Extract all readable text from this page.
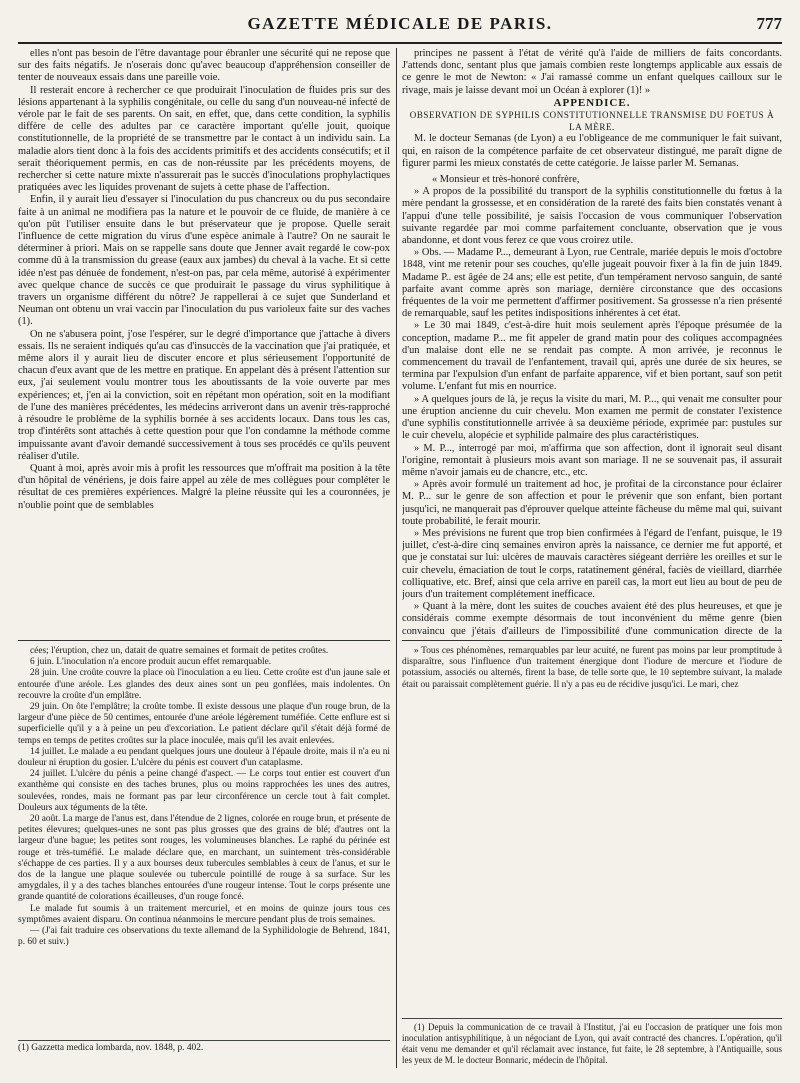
GAZETTE MÉDICALE DE PARIS.	777

elles n'ont pas besoin de l'être davantage pour ébranler une sécurité qui ne repose que sur des faits négatifs. Je n'oserais donc qu'avec beaucoup d'appréhension conseiller de tenter de nouveaux essais dans une pareille voie.

Il resterait encore à rechercher ce que produirait l'inoculation de fluides pris sur des lésions appartenant à la syphilis congénitale, ou celle du sang d'un nouveau-né infecté de vérole par le fait de ses parents. On sait, en effet, que, dans cette condition, la syphilis diffère de celle des adultes par ce caractère important qu'elle jouit, quoique constitutionnelle, de la propriété de se transmettre par le contact à un individu sain. La maladie alors tient donc à la fois des accidents primitifs et des accidents consécutifs; et il serait théoriquement permis, en cas de non-réussite par les précédents moyens, de rechercher si cette nature mixte n'assurerait pas le succès d'inoculations prophylactiques pratiquées avec les liquides provenant de sujets à cette phase de l'affection.

Enfin, il y aurait lieu d'essayer si l'inoculation du pus chancreux ou du pus secondaire faite à un animal ne modifiera pas la nature et le pouvoir de ce fluide, de manière à ce qu'on pût l'utiliser ensuite dans le but préservateur que je propose. Quelle serait l'influence de cette migration du virus d'une espèce animale à l'autre? On ne saurait le déterminer à priori. Mais on se rappelle sans doute que Jenner avait regardé le cow-pox comme dû à la transmission du grease (eaux aux jambes) du cheval à la vache. Et si cette idée n'est pas dénuée de fondement, n'est-on pas, par cela même, autorisé à expérimenter avec quelque chance de succès ce que produirait le passage du virus syphilitique à travers un organisme différent du nôtre? Je rappellerai à ce sujet que Sunderland et Neuman ont obtenu un vrai vaccin par l'inoculation du pus varioleux faite sur des vaches (1).

On ne s'abusera point, j'ose l'espérer, sur le degré d'importance que j'attache à divers essais. Ils ne seraient indiqués qu'au cas d'insuccès de la vaccination que j'ai pratiquée, et même alors il y aurait lieu de discuter encore et plus sérieusement l'opportunité de chacun d'eux avant que de les mettre en pratique. En appelant dès à présent l'attention sur eux, j'ai seulement voulu montrer tous les aboutissants de la voie ouverte par mes expériences; et, j'en ai la conviction, soit en répétant mon opération, soit en la modifiant de l'une des manières précédentes, les médecins arriveront dans un avenir très-rapproché à résoudre le problème de la syphilis bornée à ses accidents locaux. Dans tous les cas, trop d'intérêts sont attachés à cette question pour que l'on condamne la méthode comme impuissante avant d'avoir demandé successivement à tous ses procédés ce qu'ils peuvent réaliser d'utile.

Quant à moi, après avoir mis à profit les ressources que m'offrait ma position à la tête d'un hôpital de vénériens, je dois faire appel au zèle de mes collègues pour compléter le résultat de ces premières expériences. Malgré la pleine réussite qui les a couronnées, je n'oublie point que de semblables

principes ne passent à l'état de vérité qu'à l'aide de milliers de faits concordants. J'attends donc, sentant plus que jamais combien reste longtemps applicable aux essais de ce genre le mot de Newton: « J'ai ramassé comme un enfant quelques cailloux sur le rivage, mais je laisse devant moi un Océan à explorer (1)! »

APPENDICE.

OBSERVATION DE SYPHILIS CONSTITUTIONNELLE TRANSMISE DU FOETUS À LA MÈRE.

M. le docteur Semanas (de Lyon) a eu l'obligeance de me communiquer le fait suivant, qui, en raison de la compétence parfaite de cet observateur distingué, me paraît digne de figurer parmi les mieux constatés de cette catégorie. Je laisse parler M. Semanas.

« Monsieur et très-honoré confrère,

» A propos de la possibilité du transport de la syphilis constitutionnelle du fœtus à la mère pendant la grossesse, et en considération de la rareté des faits bien constatés venant à l'appui d'une telle possibilité, je saisis l'occasion de vous communiquer l'observation suivante regardée par moi comme parfaitement concluante, observation que je vous abandonne, et dont vous ferez ce que vous croirez utile.

» Obs. — Madame P..., demeurant à Lyon, rue Centrale, mariée depuis le mois d'octobre 1848, vint me retenir pour ses couches, qu'elle jugeait pouvoir fixer à la fin de juin 1849. Madame P.. est âgée de 24 ans; elle est petite, d'un tempérament nervoso sanguin, de santé parfaite avant comme après son mariage, dernière circonstance que des occasions fréquentes de la voir me permettent d'affirmer positivement. Sa grossesse n'a rien présenté de remarquable, sauf les petites indispositions inhérentes à cet état.

» Le 30 mai 1849, c'est-à-dire huit mois seulement après l'époque présumée de la conception, madame P... me fit appeler de grand matin pour des coliques accompagnées d'un malaise dont elle ne se rendait pas compte. A mon arrivée, je reconnus le commencement du travail de l'enfantement, travail qui, après une durée de six heures, se termina par l'expulsion d'un enfant de parfaite apparence, vif et bien portant, sauf son petit volume. L'enfant fut mis en nourrice.

» A quelques jours de là, je reçus la visite du mari, M. P..., qui venait me consulter pour une éruption ancienne du cuir chevelu. Mon examen me permit de constater l'existence d'une syphilis constitutionnelle arrivée à sa deuxième période, exprimée par: pustules sur le cuir chevelu, alopécie et syphilide palmaire des plus caractéristiques.

» M. P..., interrogé par moi, m'affirma que son affection, dont il ignorait seul disant l'origine, remontait à plusieurs mois avant son mariage. Il ne se souvenait pas, il assurait même n'avoir jamais eu de chancre, etc., etc.

» Après avoir formulé un traitement ad hoc, je profitai de la circonstance pour éclairer M. P... sur le genre de son affection et pour le prévenir que son enfant, bien portant jusqu'ici, ne manquerait pas d'éprouver quelque atteinte fâcheuse du même mal qui, suivant toute probabilité, le ferait mourir.

» Mes prévisions ne furent que trop bien confirmées à l'égard de l'enfant, puisque, le 19 juillet, c'est-à-dire cinq semaines environ après la naissance, ce dernier me fut apporté, et que je constatai sur lui: ulcères de mauvais caractères siégeant derrière les oreilles et sur le cuir chevelu, émaciation de tout le corps, ratatinement général, faciès de vieillard, diarrhée colliquative, etc. Bref, ainsi que cela arrive en pareil cas, la mort eut lieu au bout de peu de jours d'un traitement complétement inefficace.

» Quant à la mère, dont les suites de couches avaient été des plus heureuses, et que je considérais comme exempte désormais de tout inconvénient du même genre (bien convaincu que j'étais d'ailleurs de l'impossibilité d'une communication directe de la

cées; l'éruption, chez un, datait de quatre semaines et formait de petites croûtes.

6 juin. L'inoculation n'a encore produit aucun effet remarquable.

28 juin. Une croûte couvre la place où l'inoculation a eu lieu. Cette croûte est d'un jaune sale et entourée d'une aréole. Les glandes des deux aines sont un peu gonflées, mais indolentes. On recouvre la croûte d'un emplâtre.

29 juin. On ôte l'emplâtre; la croûte tombe. Il existe dessous une plaque d'un rouge brun, de la largeur d'une pièce de 50 centimes, entourée d'une aréole légèrement tuméfiée. Cette enflure est si superficielle qu'il y a à peine un peu d'excoriation. Le patient déclare qu'il s'était déjà formé de temps en temps de petites croûtes sur la place inoculée, mais qu'il les avait enlevées.

14 juillet. Le malade a eu pendant quelques jours une douleur à l'épaule droite, mais il n'a eu ni douleur ni éruption du gosier. L'ulcère du pénis est couvert d'un cataplasme.

24 juillet. L'ulcère du pénis a peine changé d'aspect. — Le corps tout entier est couvert d'un exanthème qui consiste en des taches brunes, plus ou moins rapprochées les unes des autres, soulevées, rondes, mais ne formant pas par leur circonférence un cercle tout à fait complet. Douleurs aux téguments de la tête.

20 août. La marge de l'anus est, dans l'étendue de 2 lignes, colorée en rouge brun, et présente de petites élevures; quelques-unes ne sont pas plus grosses que des grains de blé; d'autres ont la largeur d'une bague; les petites sont rouges, les volumineuses blanches. Le raphé du périnée est rouge et très-tuméfié. Le malade déclare que, en marchant, un suintement très-considérable s'échappe de ces parties. Il y a aux bourses deux tubercules semblables à ceux de l'anus, et sur le dos de la langue une plaque soulevée ou tubercule pointillé de rouge à sa surface. Sur les amygdales, il y a des taches blanches entourées d'une rougeur intense. Tout le corps présente une grande quantité de colorations écailleuses, d'un rouge foncé.

Le malade fut soumis à un traitement mercuriel, et en moins de quinze jours tous ces symptômes avaient disparu. On continua néanmoins le mercure pendant plus de trois semaines.

— (J'ai fait traduire ces observations du texte allemand de la Syphilidologie de Behrend, 1841, p. 60 et suiv.)

» Tous ces phénomènes, remarquables par leur acuité, ne furent pas moins par leur promptitude à disparaître, sous l'influence d'un traitement énergique dont l'iodure de mercure et l'iodure de potassium, associés ou alternés, firent la base, de telle sorte que, le 10 septembre suivant, la malade était ou paraissait complètement guérie. Il n'y a pas eu de récidive jusqu'ici. Le mari, chez

(1) Gazzetta medica lombarda, nov. 1848, p. 402.

(1) Depuis la communication de ce travail à l'Institut, j'ai eu l'occasion de pratiquer une fois mon inoculation antisyphilitique, à un négociant de Lyon, qui avait contracté des chancres. L'opération, qu'il était venu me demander et qu'il réclamait avec instance, fut faite, le 28 septembre, à l'Antiquaille, sous les yeux de M. le docteur Bonnaric, médecin de l'hôpital.
